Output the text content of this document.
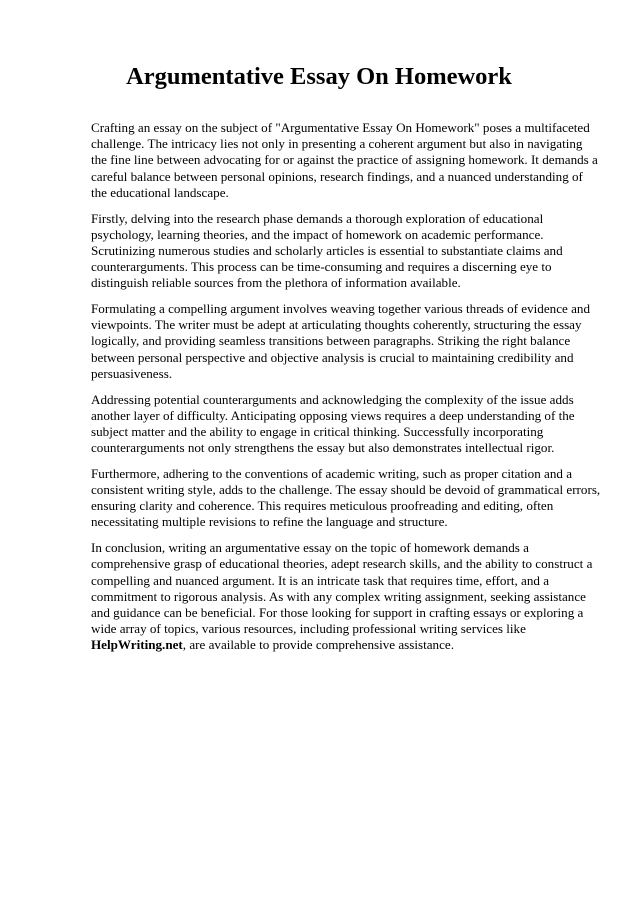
Argumentative Essay On Homework

Crafting an essay on the subject of "Argumentative Essay On Homework" poses a multifaceted challenge. The intricacy lies not only in presenting a coherent argument but also in navigating the fine line between advocating for or against the practice of assigning homework. It demands a careful balance between personal opinions, research findings, and a nuanced understanding of the educational landscape.

Firstly, delving into the research phase demands a thorough exploration of educational psychology, learning theories, and the impact of homework on academic performance. Scrutinizing numerous studies and scholarly articles is essential to substantiate claims and counterarguments. This process can be time-consuming and requires a discerning eye to distinguish reliable sources from the plethora of information available.

Formulating a compelling argument involves weaving together various threads of evidence and viewpoints. The writer must be adept at articulating thoughts coherently, structuring the essay logically, and providing seamless transitions between paragraphs. Striking the right balance between personal perspective and objective analysis is crucial to maintaining credibility and persuasiveness.

Addressing potential counterarguments and acknowledging the complexity of the issue adds another layer of difficulty. Anticipating opposing views requires a deep understanding of the subject matter and the ability to engage in critical thinking. Successfully incorporating counterarguments not only strengthens the essay but also demonstrates intellectual rigor.

Furthermore, adhering to the conventions of academic writing, such as proper citation and a consistent writing style, adds to the challenge. The essay should be devoid of grammatical errors, ensuring clarity and coherence. This requires meticulous proofreading and editing, often necessitating multiple revisions to refine the language and structure.

In conclusion, writing an argumentative essay on the topic of homework demands a comprehensive grasp of educational theories, adept research skills, and the ability to construct a compelling and nuanced argument. It is an intricate task that requires time, effort, and a commitment to rigorous analysis. As with any complex writing assignment, seeking assistance and guidance can be beneficial. For those looking for support in crafting essays or exploring a wide array of topics, various resources, including professional writing services like HelpWriting.net, are available to provide comprehensive assistance.
